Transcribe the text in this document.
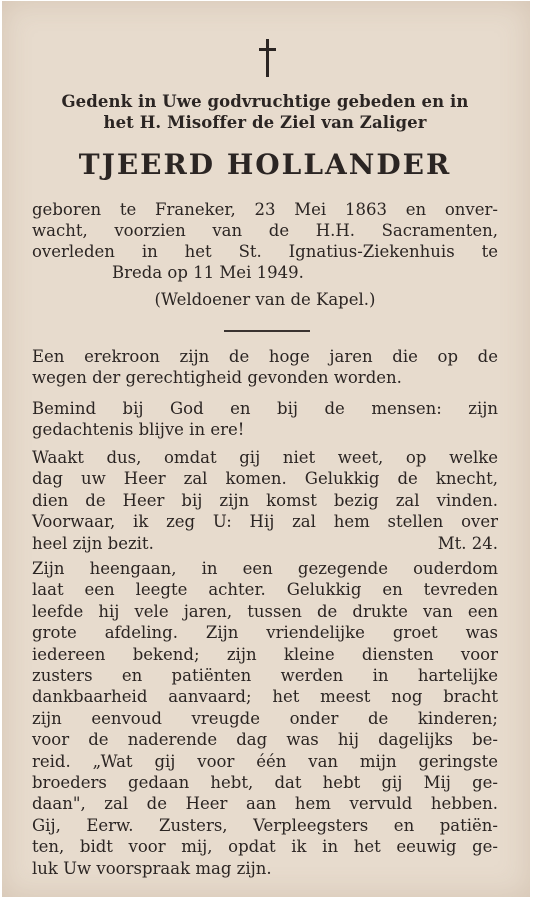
Gedenk in Uwe godvruchtige gebeden en in
het H. Misoffer de Ziel van Zaliger
TJEERD HOLLANDER
geboren te Franeker, 23 Mei 1863 en onver-
wacht, voorzien van de H.H. Sacramenten,
overleden in het St. Ignatius-Ziekenhuis te
Breda op 11 Mei 1949.
(Weldoener van de Kapel.)
Een erekroon zijn de hoge jaren die op de
wegen der gerechtigheid gevonden worden.
Bemind bij God en bij de mensen: zijn
gedachtenis blijve in ere!
Waakt dus, omdat gij niet weet, op welke
dag uw Heer zal komen. Gelukkig de knecht,
dien de Heer bij zijn komst bezig zal vinden.
Voorwaar, ik zeg U: Hij zal hem stellen over
heel zijn bezit.	Mt. 24.
Zijn heengaan, in een gezegende ouderdom
laat een leegte achter. Gelukkig en tevreden
leefde hij vele jaren, tussen de drukte van een
grote afdeling. Zijn vriendelijke groet was
iedereen bekend; zijn kleine diensten voor
zusters en patiënten werden in hartelijke
dankbaarheid aanvaard; het meest nog bracht
zijn eenvoud vreugde onder de kinderen;
voor de naderende dag was hij dagelijks be-
reid. „Wat gij voor één van mijn geringste
broeders gedaan hebt, dat hebt gij Mij ge-
daan", zal de Heer aan hem vervuld hebben.
Gij, Eerw. Zusters, Verpleegsters en patiën-
ten, bidt voor mij, opdat ik in het eeuwig ge-
luk Uw voorspraak mag zijn.
